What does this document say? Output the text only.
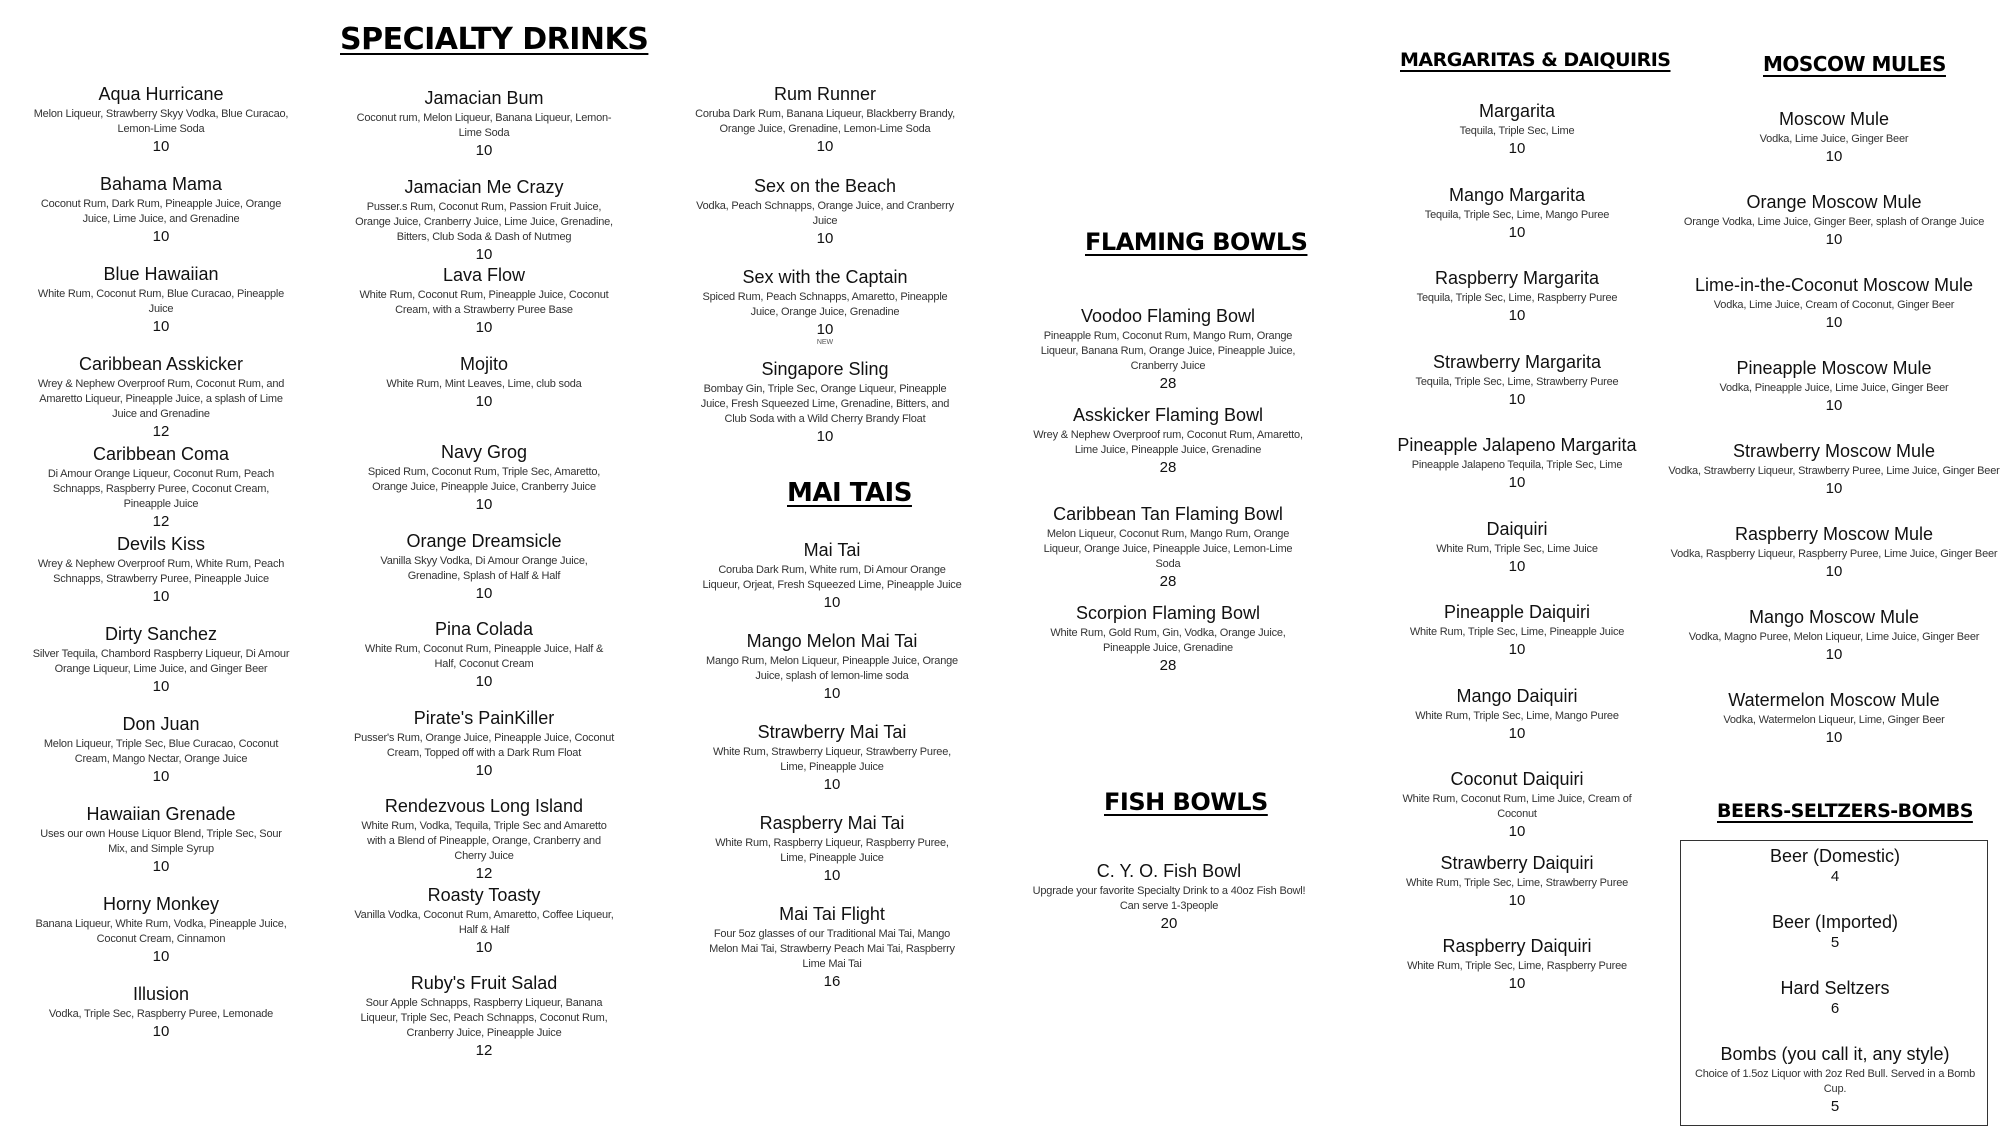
SPECIALTY DRINKS
MAI TAIS
FLAMING BOWLS
FISH BOWLS
MARGARITAS & DAIQUIRIS	MOSCOW MULES
BEERS-SELTZERS-BOMBS
Aqua Hurricane
Melon Liqueur, Strawberry Skyy Vodka, Blue Curacao, Lemon-Lime Soda
10
Bahama Mama
Coconut Rum, Dark Rum, Pineapple Juice, Orange Juice, Lime Juice, and Grenadine
10
Blue Hawaiian
White Rum, Coconut Rum, Blue Curacao, Pineapple Juice
10
Caribbean Asskicker
Wrey & Nephew Overproof Rum, Coconut Rum, and Amaretto Liqueur, Pineapple Juice, a splash of Lime Juice and Grenadine
12
Caribbean Coma
Di Amour Orange Liqueur, Coconut Rum, Peach Schnapps, Raspberry Puree, Coconut Cream, Pineapple Juice
12
Devils Kiss
Wrey & Nephew Overproof Rum, White Rum, Peach Schnapps, Strawberry Puree, Pineapple Juice
10
Dirty Sanchez
Silver Tequila, Chambord Raspberry Liqueur, Di Amour Orange Liqueur, Lime Juice, and Ginger Beer
10
Don Juan
Melon Liqueur, Triple Sec, Blue Curacao, Coconut Cream, Mango Nectar, Orange Juice
10
Hawaiian Grenade
Uses our own House Liquor Blend, Triple Sec, Sour Mix, and Simple Syrup
10
Horny Monkey
Banana Liqueur, White Rum, Vodka, Pineapple Juice, Coconut Cream, Cinnamon
10
Illusion
Vodka, Triple Sec, Raspberry Puree, Lemonade
10
Jamacian Bum
Coconut rum, Melon Liqueur, Banana Liqueur, Lemon-Lime Soda
10
Jamacian Me Crazy
Pusser.s Rum, Coconut Rum, Passion Fruit Juice, Orange Juice, Cranberry Juice, Lime Juice, Grenadine, Bitters, Club Soda & Dash of Nutmeg
10
Lava Flow
White Rum, Coconut Rum, Pineapple Juice, Coconut Cream, with a Strawberry Puree Base
10
Mojito
White Rum, Mint Leaves, Lime, club soda
10
Navy Grog
Spiced Rum, Coconut Rum, Triple Sec, Amaretto, Orange Juice, Pineapple Juice, Cranberry Juice
10
Orange Dreamsicle
Vanilla Skyy Vodka, Di Amour Orange Juice, Grenadine, Splash of Half & Half
10
Pina Colada
White Rum, Coconut Rum, Pineapple Juice, Half & Half, Coconut Cream
10
Pirate's PainKiller
Pusser's Rum, Orange Juice, Pineapple Juice, Coconut Cream, Topped off with a Dark Rum Float
10
Rendezvous Long Island
White Rum, Vodka, Tequila, Triple Sec and Amaretto with a Blend of Pineapple, Orange, Cranberry and Cherry Juice
12
Roasty Toasty
Vanilla Vodka, Coconut Rum, Amaretto, Coffee Liqueur, Half & Half
10
Ruby's Fruit Salad
Sour Apple Schnapps, Raspberry Liqueur, Banana Liqueur, Triple Sec, Peach Schnapps, Coconut Rum, Cranberry Juice, Pineapple Juice
12
Rum Runner
Coruba Dark Rum, Banana Liqueur, Blackberry Brandy, Orange Juice, Grenadine, Lemon-Lime Soda
10
Sex on the Beach
Vodka, Peach Schnapps, Orange Juice, and Cranberry Juice
10
Sex with the Captain
Spiced Rum, Peach Schnapps, Amaretto, Pineapple Juice, Orange Juice, Grenadine
10
NEW
Singapore Sling
Bombay Gin, Triple Sec, Orange Liqueur, Pineapple Juice, Fresh Squeezed Lime, Grenadine, Bitters, and Club Soda with a Wild Cherry Brandy Float
10
Mai Tai
Coruba Dark Rum, White rum, Di Amour Orange Liqueur, Orjeat, Fresh Squeezed Lime, Pineapple Juice
10
Mango Melon Mai Tai
Mango Rum, Melon Liqueur, Pineapple Juice, Orange Juice, splash of lemon-lime soda
10
Strawberry Mai Tai
White Rum, Strawberry Liqueur, Strawberry Puree, Lime, Pineapple Juice
10
Raspberry Mai Tai
White Rum, Raspberry Liqueur, Raspberry Puree, Lime, Pineapple Juice
10
Mai Tai Flight
Four 5oz glasses of our Traditional Mai Tai, Mango Melon Mai Tai, Strawberry Peach Mai Tai, Raspberry Lime Mai Tai
16
Voodoo Flaming Bowl
Pineapple Rum, Coconut Rum, Mango Rum, Orange Liqueur, Banana Rum, Orange Juice, Pineapple Juice, Cranberry Juice
28
Asskicker Flaming Bowl
Wrey & Nephew Overproof rum, Coconut Rum, Amaretto, Lime Juice, Pineapple Juice, Grenadine
28
Caribbean Tan Flaming Bowl
Melon Liqueur, Coconut Rum, Mango Rum, Orange Liqueur, Orange Juice, Pineapple Juice, Lemon-Lime Soda
28
Scorpion Flaming Bowl
White Rum, Gold Rum, Gin, Vodka, Orange Juice, Pineapple Juice, Grenadine
28
C. Y. O. Fish Bowl
Upgrade your favorite Specialty Drink to a 40oz Fish Bowl! Can serve 1-3people
20
Margarita
Tequila, Triple Sec, Lime
10
Mango Margarita
Tequila, Triple Sec, Lime, Mango Puree
10
Raspberry Margarita
Tequila, Triple Sec, Lime, Raspberry Puree
10
Strawberry Margarita
Tequila, Triple Sec, Lime, Strawberry Puree
10
Pineapple Jalapeno Margarita
Pineapple Jalapeno Tequila, Triple Sec, Lime
10
Daiquiri
White Rum, Triple Sec, Lime Juice
10
Pineapple Daiquiri
White Rum, Triple Sec, Lime, Pineapple Juice
10
Mango Daiquiri
White Rum, Triple Sec, Lime, Mango Puree
10
Coconut Daiquiri
White Rum, Coconut Rum, Lime Juice, Cream of Coconut
10
Strawberry Daiquiri
White Rum, Triple Sec, Lime, Strawberry Puree
10
Raspberry Daiquiri
White Rum, Triple Sec, Lime, Raspberry Puree
10
Moscow Mule
Vodka, Lime Juice, Ginger Beer
10
Orange Moscow Mule
Orange Vodka, Lime Juice, Ginger Beer, splash of Orange Juice
10
Lime-in-the-Coconut Moscow Mule
Vodka, Lime Juice, Cream of Coconut, Ginger Beer
10
Pineapple Moscow Mule
Vodka, Pineapple Juice, Lime Juice, Ginger Beer
10
Strawberry Moscow Mule
Vodka, Strawberry Liqueur, Strawberry Puree, Lime Juice, Ginger Beer
10
Raspberry Moscow Mule
Vodka, Raspberry Liqueur, Raspberry Puree, Lime Juice, Ginger Beer
10
Mango Moscow Mule
Vodka, Magno Puree, Melon Liqueur, Lime Juice, Ginger Beer
10
Watermelon Moscow Mule
Vodka, Watermelon Liqueur, Lime, Ginger Beer
10
Beer (Domestic)
4
Beer (Imported)
5
Hard Seltzers
6
Bombs (you call it, any style)
Choice of 1.5oz Liquor with 2oz Red Bull. Served in a Bomb Cup.
5
